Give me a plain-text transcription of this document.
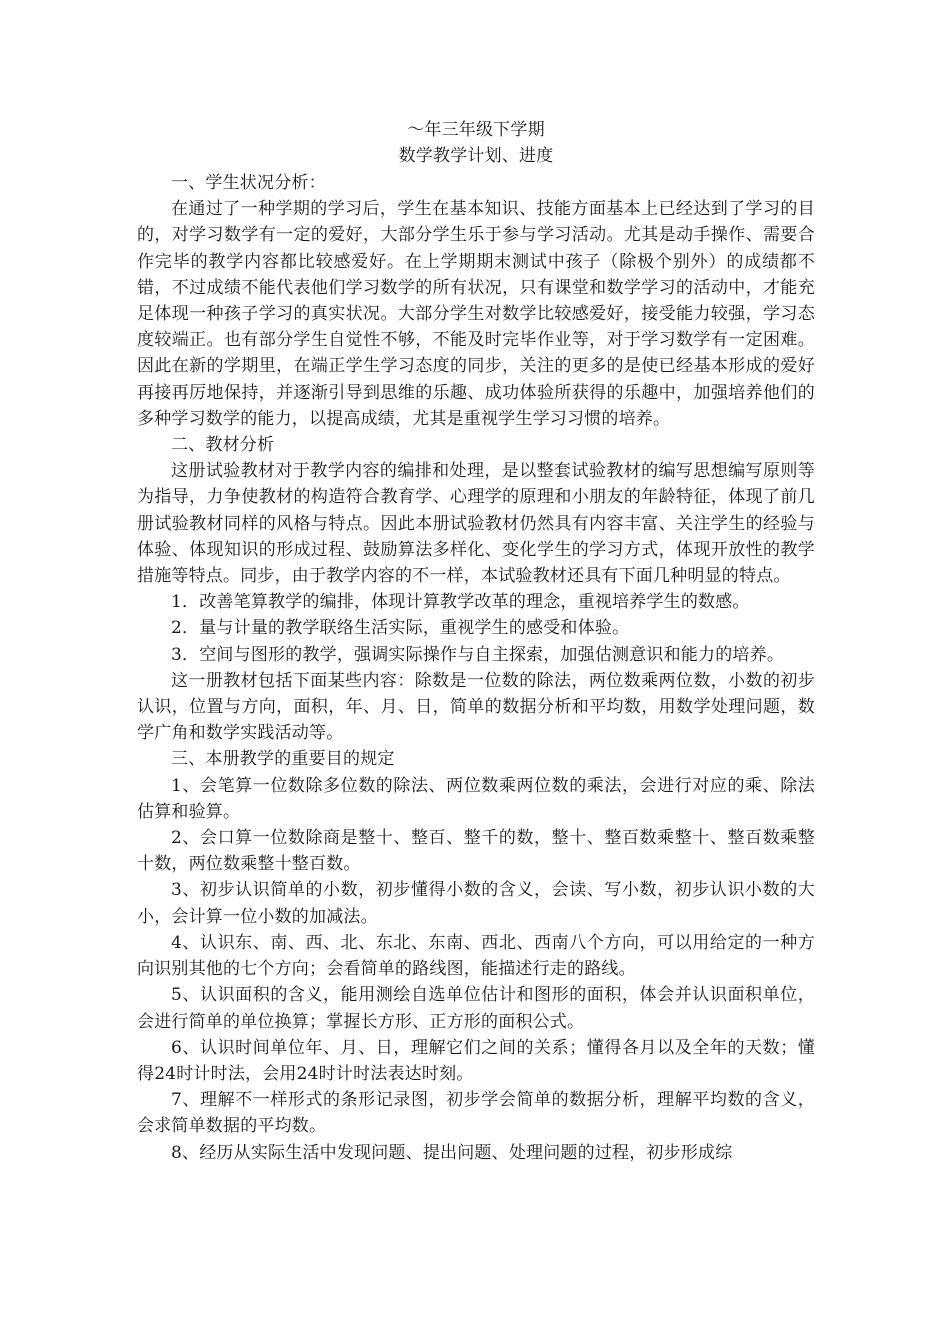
～年三年级下学期
数学教学计划、进度
一、学生状况分析：

在通过了一种学期的学习后，学生在基本知识、技能方面基本上已经达到了学习的目的，对学习数学有一定的爱好，大部分学生乐于参与学习活动。尤其是动手操作、需要合作完毕的教学内容都比较感爱好。在上学期期末测试中孩子（除极个别外）的成绩都不错，不过成绩不能代表他们学习数学的所有状况，只有课堂和数学学习的活动中，才能充足体现一种孩子学习的真实状况。大部分学生对数学比较感爱好，接受能力较强，学习态度较端正。也有部分学生自觉性不够，不能及时完毕作业等，对于学习数学有一定困难。因此在新的学期里，在端正学生学习态度的同步，关注的更多的是使已经基本形成的爱好再接再厉地保持，并逐渐引导到思维的乐趣、成功体验所获得的乐趣中，加强培养他们的多种学习数学的能力，以提高成绩，尤其是重视学生学习习惯的培养。

二、教材分析

这册试验教材对于教学内容的编排和处理，是以整套试验教材的编写思想编写原则等为指导，力争使教材的构造符合教育学、心理学的原理和小朋友的年龄特征，体现了前几册试验教材同样的风格与特点。因此本册试验教材仍然具有内容丰富、关注学生的经验与体验、体现知识的形成过程、鼓励算法多样化、变化学生的学习方式，体现开放性的教学措施等特点。同步，由于教学内容的不一样，本试验教材还具有下面几种明显的特点。

1．改善笔算教学的编排，体现计算教学改革的理念，重视培养学生的数感。

2．量与计量的教学联络生活实际，重视学生的感受和体验。

3．空间与图形的教学，强调实际操作与自主探索，加强估测意识和能力的培养。

这一册教材包括下面某些内容：除数是一位数的除法，两位数乘两位数，小数的初步认识，位置与方向，面积，年、月、日，简单的数据分析和平均数，用数学处理问题，数学广角和数学实践活动等。

三、本册教学的重要目的规定

1、会笔算一位数除多位数的除法、两位数乘两位数的乘法，会进行对应的乘、除法估算和验算。

2、会口算一位数除商是整十、整百、整千的数，整十、整百数乘整十、整百数乘整十数，两位数乘整十整百数。

3、初步认识简单的小数，初步懂得小数的含义，会读、写小数，初步认识小数的大小，会计算一位小数的加减法。

4、认识东、南、西、北、东北、东南、西北、西南八个方向，可以用给定的一种方向识别其他的七个方向；会看简单的路线图，能描述行走的路线。

5、认识面积的含义，能用测绘自选单位估计和图形的面积，体会并认识面积单位，会进行简单的单位换算；掌握长方形、正方形的面积公式。

6、认识时间单位年、月、日，理解它们之间的关系；懂得各月以及全年的天数；懂得24时计时法，会用24时计时法表达时刻。

7、理解不一样形式的条形记录图，初步学会简单的数据分析，理解平均数的含义，会求简单数据的平均数。

8、经历从实际生活中发现问题、提出问题、处理问题的过程，初步形成综
